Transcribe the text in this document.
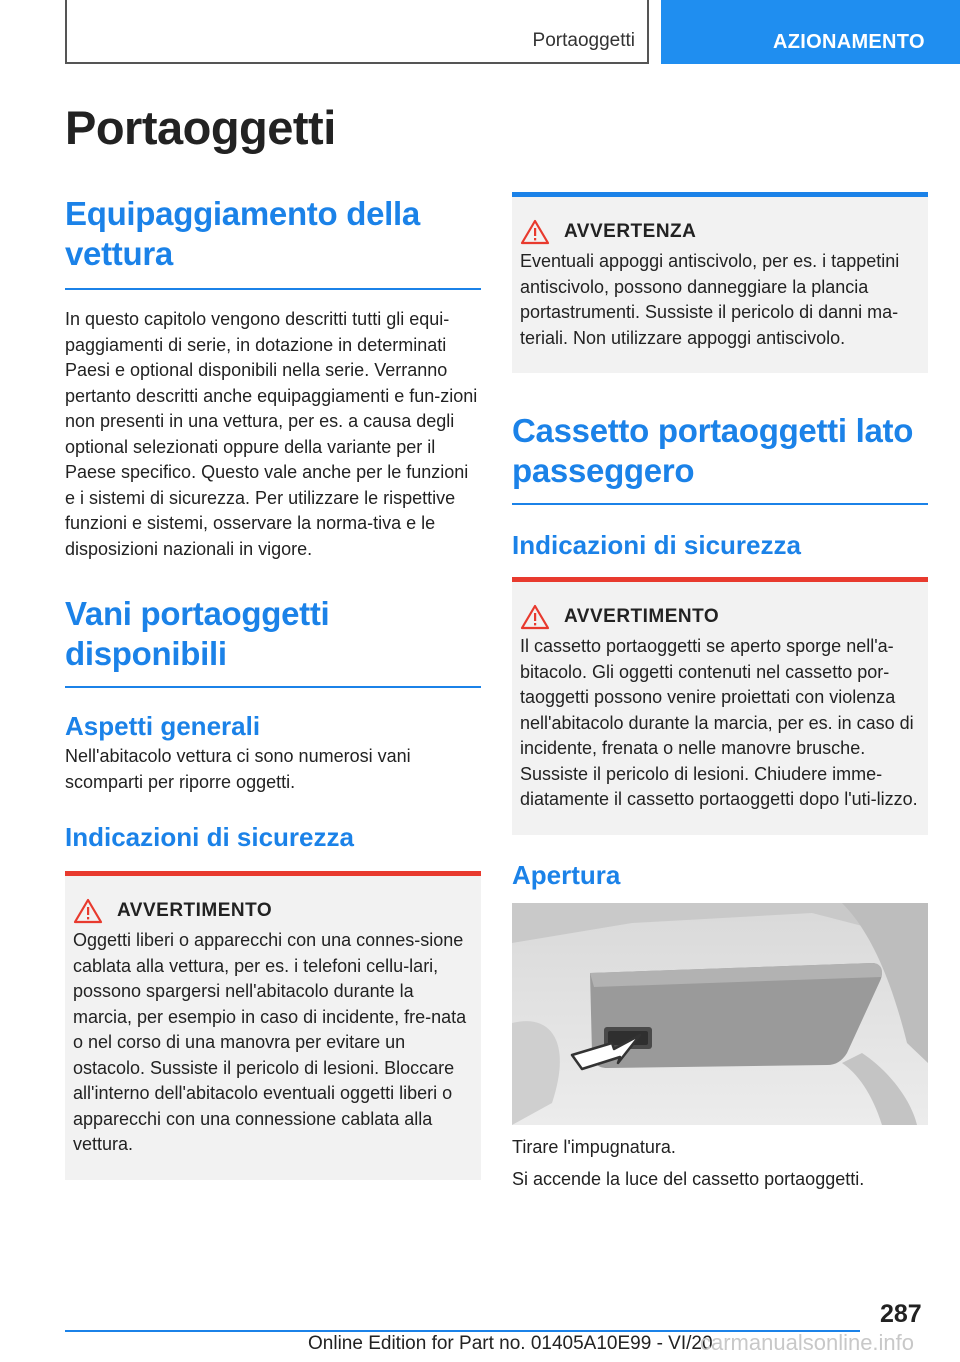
Portaoggetti	AZIONAMENTO
Portaoggetti
Equipaggiamento della vettura

In questo capitolo vengono descritti tutti gli equi-paggiamenti di serie, in dotazione in determinati Paesi e optional disponibili nella serie. Verranno pertanto descritti anche equipaggiamenti e fun-zioni non presenti in una vettura, per es. a causa degli optional selezionati oppure della variante per il Paese specifico. Questo vale anche per le funzioni e i sistemi di sicurezza. Per utilizzare le rispettive funzioni e sistemi, osservare la norma-tiva e le disposizioni nazionali in vigore.

Vani portaoggetti disponibili
Aspetti generali

Nell'abitacolo vettura ci sono numerosi vani scomparti per riporre oggetti.

Indicazioni di sicurezza
AVVERTIMENTO

Oggetti liberi o apparecchi con una connes-sione cablata alla vettura, per es. i telefoni cellu-lari, possono spargersi nell'abitacolo durante la marcia, per esempio in caso di incidente, fre-nata o nel corso di una manovra per evitare un ostacolo. Sussiste il pericolo di lesioni. Bloccare all'interno dell'abitacolo eventuali oggetti liberi o apparecchi con una connessione cablata alla vettura.

AVVERTENZA

Eventuali appoggi antiscivolo, per es. i tappetini antiscivolo, possono danneggiare la plancia portastrumenti. Sussiste il pericolo di danni ma-teriali. Non utilizzare appoggi antiscivolo.

Cassetto portaoggetti lato passeggero
Indicazioni di sicurezza
AVVERTIMENTO

Il cassetto portaoggetti se aperto sporge nell'a-bitacolo. Gli oggetti contenuti nel cassetto por-taoggetti possono venire proiettati con violenza nell'abitacolo durante la marcia, per es. in caso di incidente, frenata o nelle manovre brusche. Sussiste il pericolo di lesioni. Chiudere imme-diatamente il cassetto portaoggetti dopo l'uti-lizzo.

Apertura

Tirare l'impugnatura.

Si accende la luce del cassetto portaoggetti.

287
Online Edition for Part no. 01405A10E99 - VI/20
carmanualsonline.info
